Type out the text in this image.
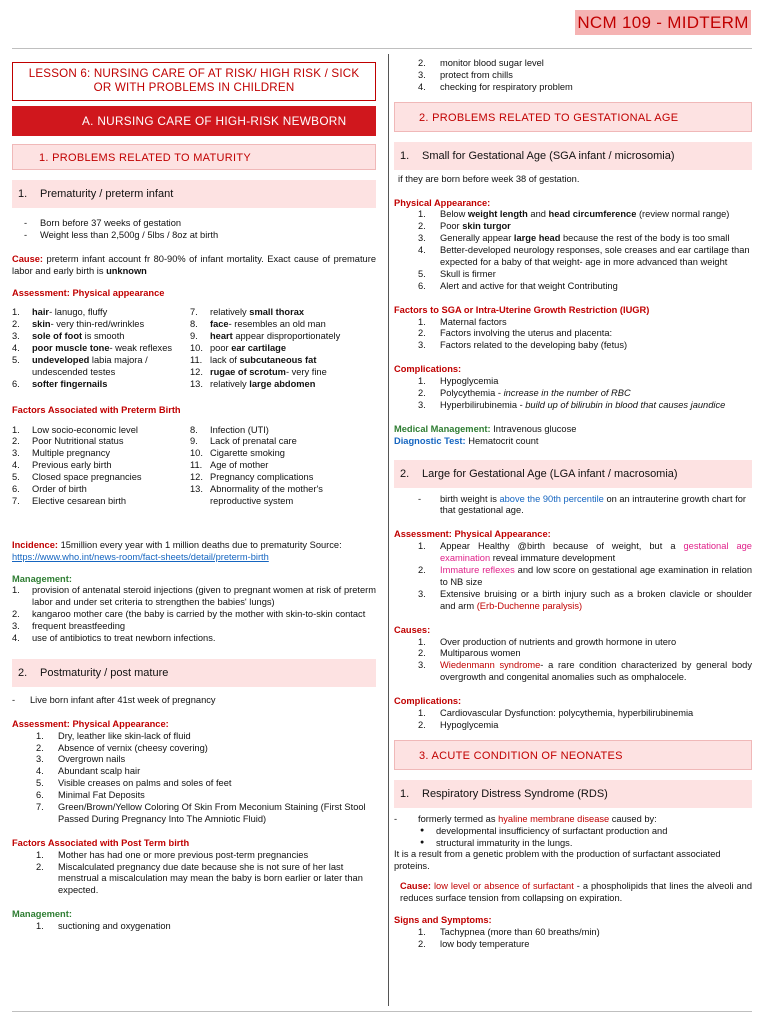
NCM 109 - MIDTERM
LESSON 6: NURSING CARE OF AT RISK/ HIGH RISK / SICK OR WITH PROBLEMS IN CHILDREN
A. NURSING CARE OF HIGH-RISK NEWBORN
1. PROBLEMS RELATED TO MATURITY
1. Prematurity / preterm infant
- Born before 37 weeks of gestation
- Weight less than 2,500g / 5lbs / 8oz at birth

Cause: preterm infant account fr 80-90% of infant mortality. Exact cause of premature labor and early birth is unknown

Assessment: Physical appearance

1. hair- lanugo, fluffy
2. skin- very thin-red/wrinkles
3. sole of foot is smooth
4. poor muscle tone- weak reflexes
5. undeveloped labia majora / undescended testes
6. softer fingernails
7. relatively small thorax
8. face- resembles an old man
9. heart appear disproportionately
10. poor ear cartilage
11. lack of subcutaneous fat
12. rugae of scrotum- very fine
13. relatively large abdomen

Factors Associated with Preterm Birth

1. Low socio-economic level
2. Poor Nutritional status
3. Multiple pregnancy
4. Previous early birth
5. Closed space pregnancies
6. Order of birth
7. Elective cesarean birth
8. Infection (UTI)
9. Lack of prenatal care
10. Cigarette smoking
11. Age of mother
12. Pregnancy complications
13. Abnormality of the mother's reproductive system

Incidence: 15million every year with 1 million deaths due to prematurity Source:
https://www.who.int/news-room/fact-sheets/detail/preterm-birth

Management:

1. provision of antenatal steroid injections (given to pregnant women at risk of preterm labor and under set criteria to strengthen the babies' lungs)
2. kangaroo mother care (the baby is carried by the mother with skin-to-skin contact
3. frequent breastfeeding
4. use of antibiotics to treat newborn infections.
2. Postmaturity / post mature

- Live born infant after 41st week of pregnancy

Assessment: Physical Appearance:

1. Dry, leather like skin-lack of fluid
2. Absence of vernix (cheesy covering)
3. Overgrown nails
4. Abundant scalp hair
5. Visible creases on palms and soles of feet
6. Minimal Fat Deposits
7. Green/Brown/Yellow Coloring Of Skin From Meconium Staining (First Stool Passed During Pregnancy Into The Amniotic Fluid)

Factors Associated with Post Term birth

1. Mother has had one or more previous post-term pregnancies
2. Miscalculated pregnancy due date because she is not sure of her last menstrual a miscalculation may mean the baby is born earlier or later than expected.

Management:

1. suctioning and oxygenation
2. monitor blood sugar level
3. protect from chills
4. checking for respiratory problem
2. PROBLEMS RELATED TO GESTATIONAL AGE
1. Small for Gestational Age (SGA infant / microsomia)

if they are born before week 38 of gestation.

Physical Appearance:

1. Below weight length and head circumference (review normal range)
2. Poor skin turgor
3. Generally appear large head because the rest of the body is too small
4. Better-developed neurology responses, sole creases and ear cartilage than expected for a baby of that weight- age in more advanced than weight
5. Skull is firmer
6. Alert and active for that weight Contributing

Factors to SGA or Intra-Uterine Growth Restriction (IUGR)

1. Maternal factors
2. Factors involving the uterus and placenta:
3. Factors related to the developing baby (fetus)

Complications:

1. Hypoglycemia
2. Polycythemia - increase in the number of RBC
3. Hyperbilirubinemia - build up of bilirubin in blood that causes jaundice

Medical Management: Intravenous glucose

Diagnostic Test: Hematocrit count

2. Large for Gestational Age (LGA infant / macrosomia)

-	birth weight is above the 90th percentile on an intrauterine growth chart for that gestational age.

Assessment: Physical Appearance:

1. Appear Healthy @birth because of weight, but a gestational age examination reveal immature development
2. Immature reflexes and low score on gestational age examination in relation to NB size
3. Extensive bruising or a birth injury such as a broken clavicle or shoulder and arm (Erb-Duchenne paralysis)

Causes:

1. Over production of nutrients and growth hormone in utero
2. Multiparous women
3. Wiedenmann syndrome- a rare condition characterized by general body overgrowth and congenital anomalies such as omphalocele.

Complications:

1. Cardiovascular Dysfunction: polycythemia, hyperbilirubinemia
2. Hypoglycemia
3. ACUTE CONDITION OF NEONATES
1. Respiratory Distress Syndrome (RDS)

- formerly termed as hyaline membrane disease caused by:

● developmental insufficiency of surfactant production and
● structural immaturity in the lungs.

It is a result from a genetic problem with the production of surfactant associated proteins.

Cause: low level or absence of surfactant - a phospholipids that lines the alveoli and reduces surface tension from collapsing on expiration.

Signs and Symptoms:

1. Tachypnea (more than 60 breaths/min)
2. low body temperature
